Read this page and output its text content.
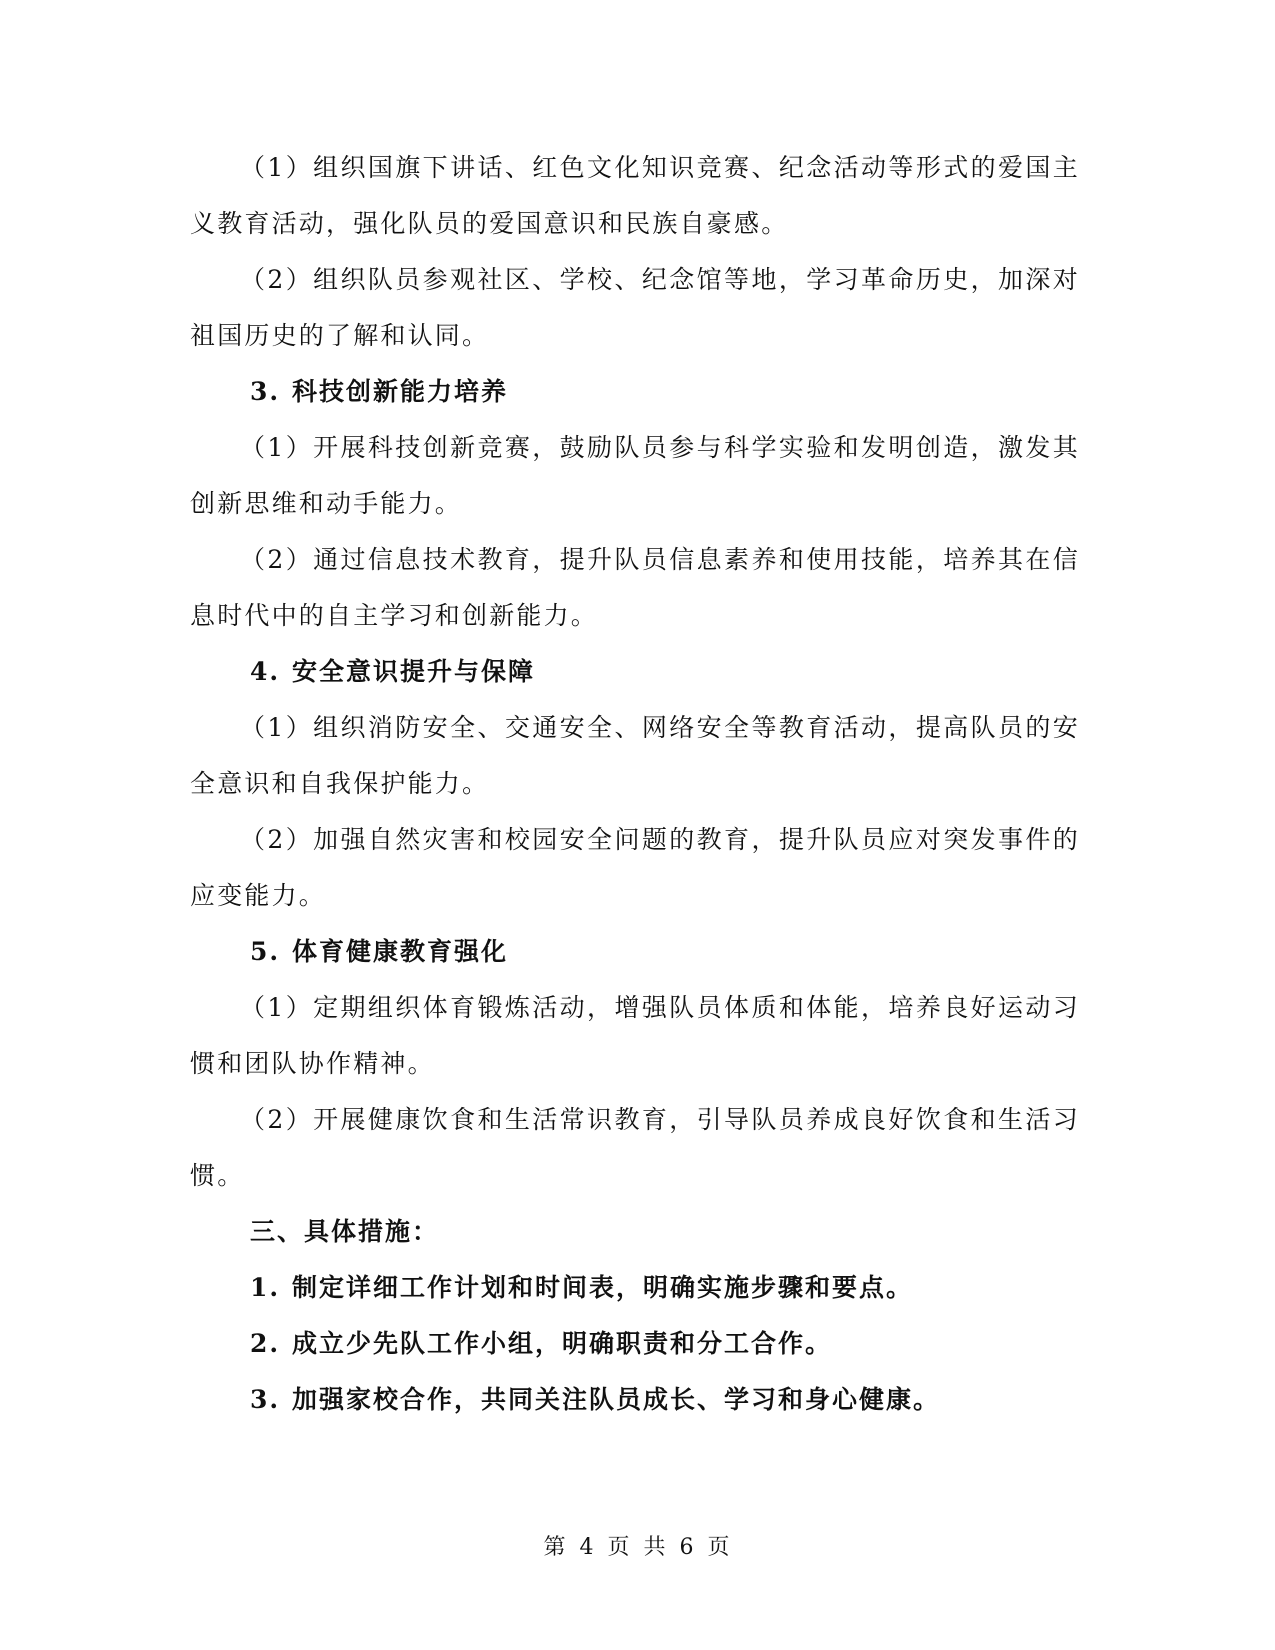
（1）组织国旗下讲话、红色文化知识竞赛、纪念活动等形式的爱国主义教育活动，强化队员的爱国意识和民族自豪感。

（2）组织队员参观社区、学校、纪念馆等地，学习革命历史，加深对祖国历史的了解和认同。

3. 科技创新能力培养

（1）开展科技创新竞赛，鼓励队员参与科学实验和发明创造，激发其创新思维和动手能力。

（2）通过信息技术教育，提升队员信息素养和使用技能，培养其在信息时代中的自主学习和创新能力。

4. 安全意识提升与保障

（1）组织消防安全、交通安全、网络安全等教育活动，提高队员的安全意识和自我保护能力。

（2）加强自然灾害和校园安全问题的教育，提升队员应对突发事件的应变能力。

5. 体育健康教育强化

（1）定期组织体育锻炼活动，增强队员体质和体能，培养良好运动习惯和团队协作精神。

（2）开展健康饮食和生活常识教育，引导队员养成良好饮食和生活习惯。

三、具体措施：

1. 制定详细工作计划和时间表，明确实施步骤和要点。

2. 成立少先队工作小组，明确职责和分工合作。

3. 加强家校合作，共同关注队员成长、学习和身心健康。

第 4 页 共 6 页
